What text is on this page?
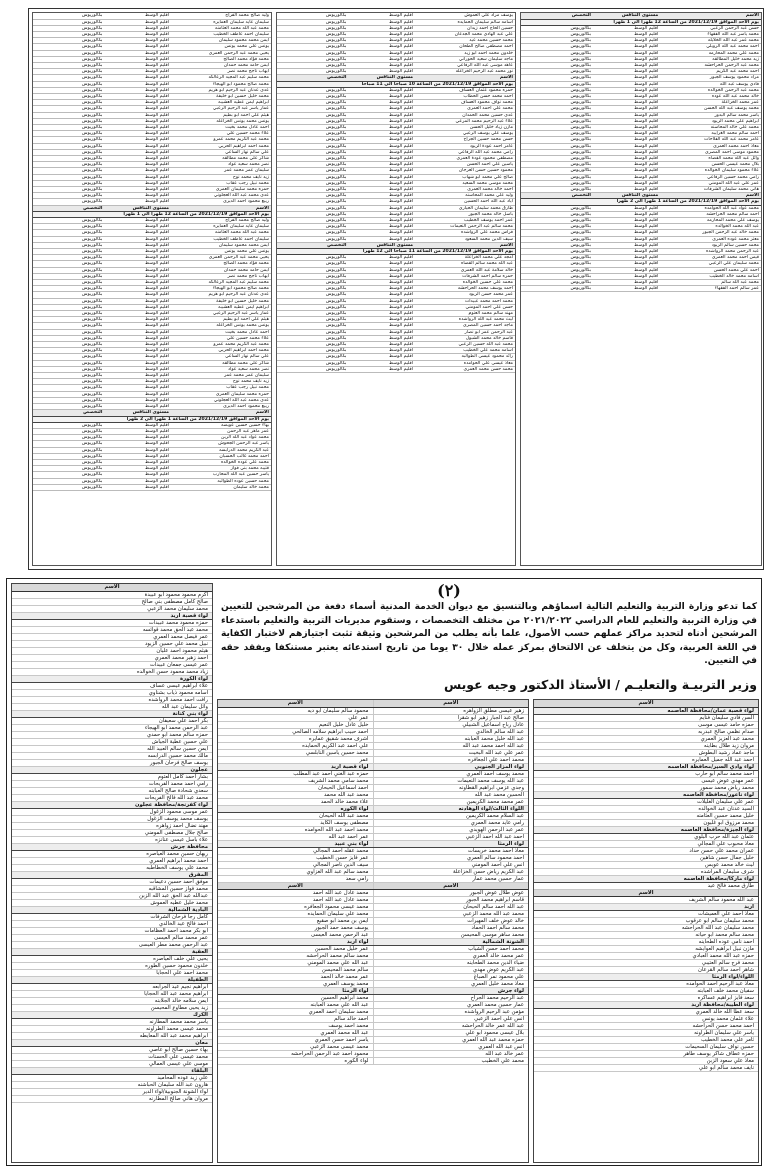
وليد صالح محمد الفراج	اقليم الوسط	بكالوريوس
سليمان عايد سليمان العمايره	اقليم الوسط	بكالوريوس
محمد عبد الله محمد العثامنه	اقليم الوسط	بكالوريوس
سليمان احمد عاطف الخطيب	اقليم الوسط	بكالوريوس
ايمن محمد محمود سليمان	اقليم الوسط	بكالوريوس
يونس علي محمد يونس	اقليم الوسط	بكالوريوس
يحيى محمد عبد الرحمن العمري	اقليم الوسط	بكالوريوس
محمد فؤاد محمد الصالح	اقليم الوسط	بكالوريوس
ايمن حامد محمد حمدان	اقليم الوسط	بكالوريوس
ايهاب ناجح محمد نصر	اقليم الوسط	بكالوريوس
محمد سليم عبد المجيد الزعالكه	اقليم الوسط	بكالوريوس
محمد صالح محمود ابو الهيجاء	اقليم الوسط	بكالوريوس
عدي عدنان عبد الرحيم ابو هزيم	اقليم الوسط	بكالوريوس
محمد خليل حسين ابو خليفة	اقليم الوسط	بكالوريوس
ابراهيم ايمن عطيه العشيبه	اقليم الوسط	بكالوريوس
عمار ياسر عبد الرحيم الزعبي	اقليم الوسط	بكالوريوس
هيثم علي احمد ابو بطيم	اقليم الوسط	بكالوريوس
يونس محمد يونس الخزاعله	اقليم الوسط	بكالوريوس
احمد عادل محمد بخيت	اقليم الوسط	بكالوريوس
علاء محمد حسين علي	اقليم الوسط	بكالوريوس
محمد عبد الكريم محمد عمرو	اقليم الوسط	بكالوريوس
محمد احمد ابراهيم الحربي	اقليم الوسط	بكالوريوس
علي سالم نهار الساعي	اقليم الوسط	بكالوريوس
شاكر علي محمد مطالقه	اقليم الوسط	بكالوريوس
نصر محمد سعيد عواد	اقليم الوسط	بكالوريوس
سليمان عمر محمد عمر	اقليم الوسط	بكالوريوس
زيد نايف محمد نوح	اقليم الوسط	بكالوريوس
محمد نبيل رجب عقاب	اقليم الوسط	بكالوريوس
حمزه محمد سليمان العمري	اقليم الوسط	بكالوريوس
عدي محمد عبد الله العجلوني	اقليم الوسط	بكالوريوس
ربيع محمود احمد الديري	اقليم الوسط	بكالوريوس
الاسم	مستوى التنافس	التخصص
يوم الأحد الموافق 2021/12/19 من الساعة 12 ظهرا الى 1 ظهرا		
وليد صالح محمد الفراج	اقليم الوسط	بكالوريوس
سليمان عايد سليمان العمايره	اقليم الوسط	بكالوريوس
محمد عبد الله محمد العثامنه	اقليم الوسط	بكالوريوس
سليمان احمد عاطف الخطيب	اقليم الوسط	بكالوريوس
ايمن محمد محمود سليمان	اقليم الوسط	بكالوريوس
يونس علي محمد يونس	اقليم الوسط	بكالوريوس
يحيى محمد عبد الرحمن العمري	اقليم الوسط	بكالوريوس
محمد فؤاد محمد الصالح	اقليم الوسط	بكالوريوس
ايمن حامد محمد حمدان	اقليم الوسط	بكالوريوس
ايهاب ناجح محمد نصر	اقليم الوسط	بكالوريوس
محمد سليم عبد المجيد الزعالكه	اقليم الوسط	بكالوريوس
محمد صالح محمود ابو الهيجاء	اقليم الوسط	بكالوريوس
عدي عدنان عبد الرحيم ابو هزيم	اقليم الوسط	بكالوريوس
محمد خليل حسين ابو خليفة	اقليم الوسط	بكالوريوس
ابراهيم ايمن عطيه العشيبه	اقليم الوسط	بكالوريوس
عمار ياسر عبد الرحيم الزعبي	اقليم الوسط	بكالوريوس
هيثم علي احمد ابو بطيم	اقليم الوسط	بكالوريوس
يونس محمد يونس الخزاعله	اقليم الوسط	بكالوريوس
احمد عادل محمد بخيت	اقليم الوسط	بكالوريوس
علاء محمد حسين علي	اقليم الوسط	بكالوريوس
محمد عبد الكريم محمد عمرو	اقليم الوسط	بكالوريوس
محمد احمد ابراهيم الحربي	اقليم الوسط	بكالوريوس
علي سالم نهار الساعي	اقليم الوسط	بكالوريوس
شاكر علي محمد مطالقه	اقليم الوسط	بكالوريوس
نصر محمد سعيد عواد	اقليم الوسط	بكالوريوس
سليمان عمر محمد عمر	اقليم الوسط	بكالوريوس
زيد نايف محمد نوح	اقليم الوسط	بكالوريوس
محمد نبيل رجب عقاب	اقليم الوسط	بكالوريوس
حمزه محمد سليمان العمري	اقليم الوسط	بكالوريوس
عدي محمد عبد الله العجلوني	اقليم الوسط	بكالوريوس
ربيع محمود احمد الديري	اقليم الوسط	بكالوريوس
الاسم	مستوى التنافس	التخصص
يوم الأحد الموافق 2021/12/19 من الساعة 1 ظهرا الى 2 ظهرا		
بهاء حسين حسين عويضه	اقليم الوسط	بكالوريوس
عمر ماهر عبد الرحمن	اقليم الوسط	بكالوريوس
محمد عواد عبد الله الزبن	اقليم الوسط	بكالوريوس
ياسر عبد الرحمن الجحوش	اقليم الوسط	بكالوريوس
عبد الكريم محمد الدرابسه	اقليم الوسط	بكالوريوس
احمد محمد غالب الحسبان	اقليم الوسط	بكالوريوس
محمد علي عوده الخوالده	اقليم الوسط	بكالوريوس
قتيبه محمد بني فواز	اقليم الوسط	بكالوريوس
ياسر حسين عبد الله المحارب	اقليم الوسط	بكالوريوس
محمد حسين عوده الطوالبه	اقليم الوسط	بكالوريوس
محمد خالد سليمان	اقليم الوسط	بكالوريوس
يوسف مراد علي العموش	اقليم الوسط	بكالوريوس
اسامه سالم سليمان الحمايده	اقليم الوسط	بكالوريوس
حسين الحاج احمد زيدان	اقليم الوسط	بكالوريوس
علي عبد الهادي محمد الجدعان	اقليم الوسط	بكالوريوس
محمد حسين محمد عيد	اقليم الوسط	بكالوريوس
احمد مصطفى صالح الطحان	اقليم الوسط	بكالوريوس
خلدون محمد احمد ابو زيد	اقليم الوسط	بكالوريوس
ماجد سليمان سعيد الحوراني	اقليم الوسط	بكالوريوس
عاهد موسى عبد الله الرفاعي	اقليم الوسط	بكالوريوس
نور محمد عبد الرحيم الخزاعله	اقليم الوسط	بكالوريوس
الاسم	مستوى التنافس	التخصص
يوم الأحد الموافق 2021/12/19 من الساعة 10 صباحا الى 11 صباحا		
حمزه محمود عثمان العساف	اقليم الوسط	بكالوريوس
احمد محمد حسن الحطاب	اقليم الوسط	بكالوريوس
محمد نواف محمود العساف	اقليم الوسط	بكالوريوس
محمد علي احمد العمري	اقليم الوسط	بكالوريوس
عدي حسين محمد الحمدان	اقليم الوسط	بكالوريوس
علاء عبد الرحيم محمد المرعي	اقليم الوسط	بكالوريوس
مازن زياد خليل الحسن	اقليم الوسط	بكالوريوس
يوسف علي يوسف الزعبي	اقليم الوسط	بكالوريوس
حسن محمد حسين الجراح	اقليم الوسط	بكالوريوس
عامر احمد عودة الزيود	اقليم الوسط	بكالوريوس
رامي محمد عبد الله الرفاعي	اقليم الوسط	بكالوريوس
مصطفى محمود عودة العمري	اقليم الوسط	بكالوريوس
ياسين علي احمد الحسن	اقليم الوسط	بكالوريوس
محمود حسين حسن العرجان	اقليم الوسط	بكالوريوس
صالح علي محمد ابو شهاب	اقليم الوسط	بكالوريوس
محمد موسى محمد السعيد	اقليم الوسط	بكالوريوس
احمد خالد محمد العمري	اقليم الوسط	بكالوريوس
وليد علي محمد المحاسنه	اقليم الوسط	بكالوريوس
اياد عبد الله احمد الحسين	اقليم الوسط	بكالوريوس
طارق محمد سليمان الحياري	اقليم الوسط	بكالوريوس
باسل خالد محمد الجبور	اقليم الوسط	بكالوريوس
عمر احمد يوسف الخطيب	اقليم الوسط	بكالوريوس
محمد سالم عبد الرحمن النعيمات	اقليم الوسط	بكالوريوس
فراس محمد علي الرواشده	اقليم الوسط	بكالوريوس
سيف الدين محمد السعود	اقليم الوسط	بكالوريوس
الاسم	مستوى التنافس	التخصص
يوم الأحد الموافق 2021/12/19 من الساعة 11 صباحا الى 12 ظهرا		
امجد علي محمد الخزاعلة	اقليم الوسط	بكالوريوس
عبد الله محمد سالم القضاه	اقليم الوسط	بكالوريوس
خالد سلامة عبد الله العمري	اقليم الوسط	بكالوريوس
حمزه سالم احمد الشرفات	اقليم الوسط	بكالوريوس
محمد علي حسين الخوالده	اقليم الوسط	بكالوريوس
احمد يوسف محمد الحراحشه	اقليم الوسط	بكالوريوس
عمر محمد حسن الزيود	اقليم الوسط	بكالوريوس
محمد احمد محمد عبيدات	اقليم الوسط	بكالوريوس
حسن علي احمد المومني	اقليم الوسط	بكالوريوس
مهند سالم محمد العتوم	اقليم الوسط	بكالوريوس
ليث محمد عبد الله الرواشده	اقليم الوسط	بكالوريوس
ماجد احمد حسين المصري	اقليم الوسط	بكالوريوس
عبد الرحمن عمر ابو نصار	اقليم الوسط	بكالوريوس
قاسم خالد محمد الشبول	اقليم الوسط	بكالوريوس
محمد عبد الله حسين الزعبي	اقليم الوسط	بكالوريوس
اسامه محمد علي الخطيب	اقليم الوسط	بكالوريوس
رائد محمود عيسى الطوالبه	اقليم الوسط	بكالوريوس
معاذ عيسى علي الحوامده	اقليم الوسط	بكالوريوس
محمد حسن محمد العمري	اقليم الوسط	بكالوريوس
الاسم	مستوى التنافس	التخصص
يوم الأحد الموافق 2021/12/19 من الساعة 12 ظهرا الى 1 ظهرا		
حسن عبد الرحمن الزعبي	اقليم الوسط	بكالوريوس
محمد ياسر عبد الله الفقهاء	اقليم الوسط	بكالوريوس
محمد عمر عبد الله الخلايله	اقليم الوسط	بكالوريوس
احمد محمد عبد الله الرويلي	اقليم الوسط	بكالوريوس
محمد علي محمد المحارمه	اقليم الوسط	بكالوريوس
زيد محمد خليل المطالقه	اقليم الوسط	بكالوريوس
محمد عبد الرحمن الحراحشه	اقليم الوسط	بكالوريوس
احمد محمد عبد الكريم	اقليم الوسط	بكالوريوس
مراد محمود يوسف الجبور	اقليم الوسط	بكالوريوس
فادي يوسف عبد الله	اقليم الوسط	بكالوريوس
محمد عبد الرحمن الخوالده	اقليم الوسط	بكالوريوس
خالد محمد عبد الله عوده	اقليم الوسط	بكالوريوس
عمر محمد الخزاعلة	اقليم الوسط	بكالوريوس
محمد يوسف عبد الله الحسن	اقليم الوسط	بكالوريوس
ياسر محمد سالم البدور	اقليم الوسط	بكالوريوس
ابراهيم علي محمد الزيود	اقليم الوسط	بكالوريوس
محمد علي خالد المحاسنه	اقليم الوسط	بكالوريوس
احمد سالم محمد الغرايبه	اقليم الوسط	بكالوريوس
عامر محمد عبد الله الفلاحات	اقليم الوسط	بكالوريوس
معاذ احمد محمد العمري	اقليم الوسط	بكالوريوس
محمود موسى احمد المصري	اقليم الوسط	بكالوريوس
وائل عبد الله محمد القضاه	اقليم الوسط	بكالوريوس
بلال محمد عيسى الحسن	اقليم الوسط	بكالوريوس
علاء محمود سليمان الخوالده	اقليم الوسط	بكالوريوس
رامي محمد حسين الرفاعي	اقليم الوسط	بكالوريوس
عمر علي عبد الله المومني	اقليم الوسط	بكالوريوس
هاني محمد سليمان الشرفات	اقليم الوسط	بكالوريوس
الاسم	مستوى التنافس	التخصص
يوم الأحد الموافق 2021/12/19 من الساعة 1 ظهرا الى 2 ظهرا		
محمد عواد عبد الله الحوامده	اقليم الوسط	بكالوريوس
احمد سالم محمد الحراحشه	اقليم الوسط	بكالوريوس
يوسف علي محمد المحارمه	اقليم الوسط	بكالوريوس
عبد الله محمد الخوالده	اقليم الوسط	بكالوريوس
محمد خالد عبد الرحمن الجبور	اقليم الوسط	بكالوريوس
معتز محمد عوده العمري	اقليم الوسط	بكالوريوس
محمد حسين سالم الزيود	اقليم الوسط	بكالوريوس
عبد الرحمن محمد الرواشده	اقليم الوسط	بكالوريوس
قيس احمد محمد العمري	اقليم الوسط	بكالوريوس
محمد سليمان علي الزعبي	اقليم الوسط	بكالوريوس
احمد علي محمد الحسن	اقليم الوسط	بكالوريوس
اسامه محمد خالد الخطيب	اقليم الوسط	بكالوريوس
محمد عبد الله سالم	اقليم الوسط	بكالوريوس
عمر سالم احمد الفقهاء	اقليم الوسط	بكالوريوس
(٢)
كما تدعو وزارة التربية والتعليم التالية اسماؤهم وبالتنسيق مع ديوان الخدمة المدنية أسماء دفعة من المرشحين للتعيين في وزارة التربية والتعليم للعام الدراسي ٢٠٢١/٢٠٢٢ من مختلف التخصصات ، وستقوم مديريات التربية والتعليم باستدعاء المرشحين أدناه لتحديد مراكز عملهم حسب الأصول، علما بأنه يطلب من المرشحين وثيقة تثبت اجتيازهم لاختبار الكفاية في اللغة العربية، وكل من يتخلف عن الالتحاق بمركز عمله خلال ٣٠ يوما من تاريخ استدعائه يعتبر مستنكفا ويفقد حقه في التعيين.
وزير التربيـة والتعليـم / الأستاذ الدكتور وجيه عويس
الاسم
لواء قصبة عمان/محافظة العاصمه
السن فادي سليمان فنايم
حمزه حامد عيسى موسى
صدام نظمي صالح عبدربه
محمد عبد العزيز العمري
مروان زيد طلال بطاينه
ماجد عماد رشيد البطوش
احمد عبد الله جميل العمايره
لواء وادي السير/محافظة العاصمه
احمد محمد سالم ابو حارب
عمر مهدي عوض عيسى
محمد رياض محمد سمور
لواء ناعور/محافظة العاصمه
عمر علي سليمان الغليلات
السيد عدنان عبد الخوالده
خليل محمد حسين العثامنه
محمد مرزوق ابو غليون
لواء الجيزة/محافظة العاصمه
عثمان عبد الله حرب البلوي
معاذ محبوب علي المجالي
عمران محمد علي حسن حداد
خليل جمال حسن شاهين
ليث خالد محمد عويس
شرف سليمان المراشده
لواء ماركا/محافظة العاصمه
طارق محمد فالح عيد
الاسم
عبد الله محمود سالم الشريف
اربد
معاذ احمد علي العميشات
محمد سليمان سالم ابو عرقوب
محمد سليمان عبد الله الحراحشه
محمد سالم محمد ابو حيانه
احمد نامي عوده الطحاينه
مازن نبيل ابراهيم العوايشه
حمزه عبد الله محمد العبادي
محمد فرج سالم العتيبي
شاهر احمد سالم القرعان
اللواء/لواء الرمثا
معاذ عبد الرحيم احمد الحوامده
سفيان محمد خلف العبابنه
سعد فايز ابراهيم عساكره
لواء الطيبة/محافظة اربد
سعد عطا الله خالد العمري
علاء عثمان محمد يونس
احمد محمد حسن الحراحشه
ياسر علي سليمان الطراونه
ثامر علي محمد الخطيب
حسين نواف سليمان السحيمات
حمزه عطاف شاكر يوسف طاهر
معاذ علي سعود الزبن
نايف محمد سالم ابو علي
الاسم	الاسم
زهير عيسى مطلق الزواهره	محمود سالم سليمان ابو ديه
صالح عبد الجبار زهير ابو شقرا	عمر علي
عادل رباح اسماعيل الشبيلي	خليل عادل خليل النعيم
عبد الله سالم الخالدي	احمد حبيب ابراهيم سلامه الصالحي
عبد الله خليل محمد العبابنه	اشرف محمد شفيق عمايره
عبد الله احمد محمد عبد الله	علي احمد عبد الكريم الحمايده
عمر علي عبد الله البخيت	محمد حسين ياسين النابلسي
محمد احمد علي الجعافره	عمر
لواء المزار الجنوبي	لواء قصبة اربد
محمد يوسف احمد العمري	حمزه عبد الغني احمد عبد المطلب
عبد الله يوسف محمد النعيمات	محمد سامي محمد الشريف
وجدي عزمي ابراهيم القطاونه	احمد اسماعيل الحيحان
الحسين محمد عبد الله	محمد عبد الله محمد
عمر محمد محمد الكريمين	علاء محمد خالد الحمد
اللواء الثالث/لواء الوهادنه	لواء الكوره
عبد السلام محمد الكريمين	محمد عبد الله الحيحان
رامي عايد محمد العمري	مصطفى يوسف الكايد
عمر عبد الرحمن الهويدي	محمد احمد عبد الله الحوامده
احمد عبد الله احمد الزعبي	عمر احمد عبد الله
لواء الرمثا	لواء بني عبيد
معاذ احمد محمد خريسات	محمد عقله احمد المجالي
احمد محمود سالم العمري	عمر فايز حسن الخطيب
انس علي احمد المومني	سيف الدين ناصر المجالي
عبد الكريم رياض حسن الخزاعلة	محمد سالم عبد الله الغزاوي
عمار حسين محمد عمار	رامي سعد
الاسم	الاسم
عوض طلال عوض الجبور	محمد عادل عبد الله احمد
قاسم ابراهيم محمد الجبور	محمد عادل عبد الله احمد
عبد الله احمد سالم الحيحان	محمد عيسى محمود الجعافره
محمد عبد الله محمد الزعبي	محمد علي سليمان الحمايده
خالد عوض خلف المهيرات	ايمن بن محمد ابو صقيع
محمد سالم احمد الحماد	يوسف محمد حمد الجبور
محمد ساهر موسى المحيسن	عبد الرحمن محمد العيسى
الشونة الشمالية	لواء اربد
محمد احمد حسن الشياب	عمر خليل محمد الحسين
عمر محمد خالد العمري	محمد سالم محمد الحراحشه
ضياء الدين محمد الطحاينه	عبد الله علي محمد المومني
عبد الكريم عوض مهدي	سالم محمد المحيسن
علي محمود نمر الصباغ	عمر محمد خالد الحمد
معاذ محمد خليل العمري	محمد يوسف العمري
لواء جرش	لواء الرمثا
عبد الرحيم محمد الجراح	محمد ابراهيم الحسين
عمار حسين محمد العمري	عبد الله علي محمد العبابنه
مؤمن عبد الرحيم الرواشده	محمد سليمان احمد العمري
انس علي احمد الزعبي	احمد خالد سالم
عبد الله عمر خالد الحراحشه	محمد احمد يوسف
بلال عيسى محمود ابو علي	عبد الله محمد العمري
حمزه محمد عبد الله العمري	ياسر احمد حسن العمري
انس عبد الله العمري	محمد عيسى محمد الزعبي
عمر خالد عبد الله	محمود احمد عبد الرحمن الحراحشه
محمد علي الخطيب	لواء الكوره
الاسم
اكرم محمود محمود ابو عبيدة
صالح كامل مصطفى بني صالح
محمد سليمان محمد الزعبي
لواء قصبة اربد
حمزه محمود محمد عبيدات
محمد عبد الحق محمد قوائسه
عمر فيصل محمد العمري
نبيل محمد علي حسين الزيود
هيثم محمود احمد عليان
احمد زهير محمد العمري
عمر عيسى جمعان عبيدات
زياد محمد محمود حسن الخوالده
لواء الكورة
علاء ابراهيم عيسى عساف
اسامه محمود ذياب بشناوي
رافت احمد محمد الرواشده
وائل سليمان عبد الله
لواء بني كنانة
بكر احمد علي سعيفان
عبد الرحمن محمد ابو الهيجاء
حمزه سالم محمد ابو حمدي
علي حسين عطية الجياش
ايمن حسين سالم العبيد الله
مالك محمد حسين الدرابسه
يوسف صالح فرحان الجبور
عجلون
بشار احمد كامل العتوم
رامي احمد محمد الفريحات
سعدي شحادة صالح العبابنه
محمد عبد الله فالح الفريحات
لواء كفرنجة/محافظة عجلون
عمر موسى محمود الزغول
يوسف محمد يوسف الزغول
مهند نضال احمد زواهره
صالح جلال مصطفى المومني
علاء باسل عيسى عنانزه
محافظة جرش
ريهان حسين محمد العياصره
احمد محمد ابراهيم العمري
محمد علي يوسف الخطاطبه
المفرق
موفق احمد حسين دعيمات
محمد فواز حسين المشاقبه
عبدالله عبد الحق عبد الله الزبن
محمد خليل عطيه العموش
البادية الشمالية
كامل رجا فرحان الشرفات
احمد فالح عيد الخالدي
ابو بكر محمد احمد العظامات
عمر محمد سالم العيسى
عبد الرحمن محمد مطر العيسى
العقبة
يحيى علي خلف العياصره
خلدون محمود حسين الطوره
محمد احمد علي الحجايا
الطفيلة
ابراهيم نجيم عيد الجرابعه
ابراهيم محمد عبد الله الحجايا
ايمن سلامه خالد الجلابنه
زيد يحيى مطاوع المحيسن
الكرك
ياسر محمد محمد المطارنه
محمد عيسى محمد الطراونه
ابراهيم محمد عبد الله المعايطه
معان
بهاء حسين صالح ابو عاصي
محمد عيسى علي الحسنات
موسى علي عيسى العمالي
البلقاء
علي زيد عوده المحاميد
هارون عبد الله سليمان الحباشنه
لواء الشونة الجنوبية/لواء الدير
مروان هاني صالح المطارنه
